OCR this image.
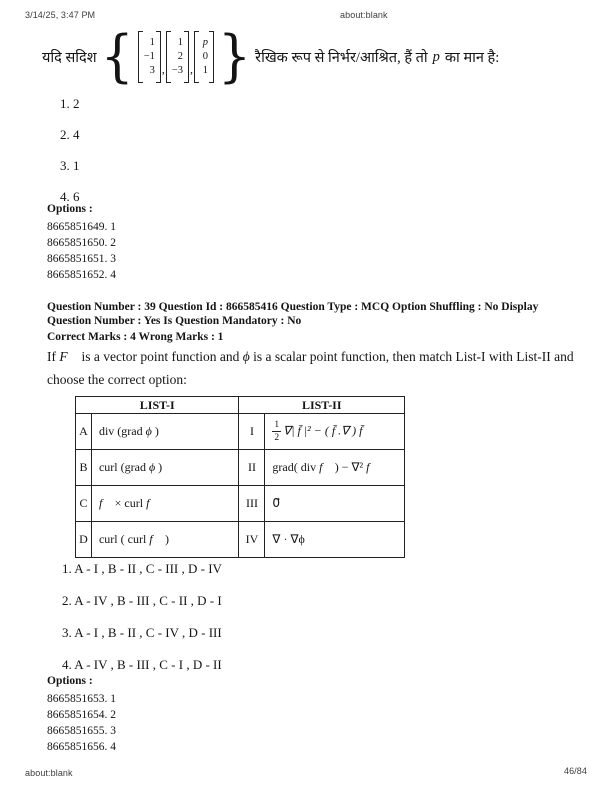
3/14/25, 3:47 PM	about:blank
यदि सदिश { 1
−1
3 ,
1
2
−3 ,
p
0
1 } रैखिक रूप से निर्भर/आश्रित, हैं तो p का मान है:
1. 2
2. 4
3. 1
4. 6
Options :
8665851649. 1
8665851650. 2
8665851651. 3
8665851652. 4
Question Number : 39 Question Id : 866585416 Question Type : MCQ Option Shuffling : No Display Question Number : Yes Is Question Mandatory : No
Correct Marks : 4 Wrong Marks : 1
If F⃗ is a vector point function and ϕ is a scalar point function, then match List-I with List-II and choose the correct option:
LIST-I		LIST-II	
A	div (grad ϕ )	I	$\frac{1}{2}$ ∇| f̄ |² − ( f̄ .∇ ) f̄
B	curl (grad ϕ )	II	grad( div f⃗ ) − ∇² f⃗
C	f⃗ × curl f⃗	III	0⃗
D	curl ( curl f⃗ )	IV	∇ · ∇ϕ
1. A - I , B - II , C - III , D - IV
2. A - IV , B - III , C - II , D - I
3. A - I , B - II , C - IV , D - III
4. A - IV , B - III , C - I , D - II
Options :
8665851653. 1
8665851654. 2
8665851655. 3
8665851656. 4
about:blank	46/84
